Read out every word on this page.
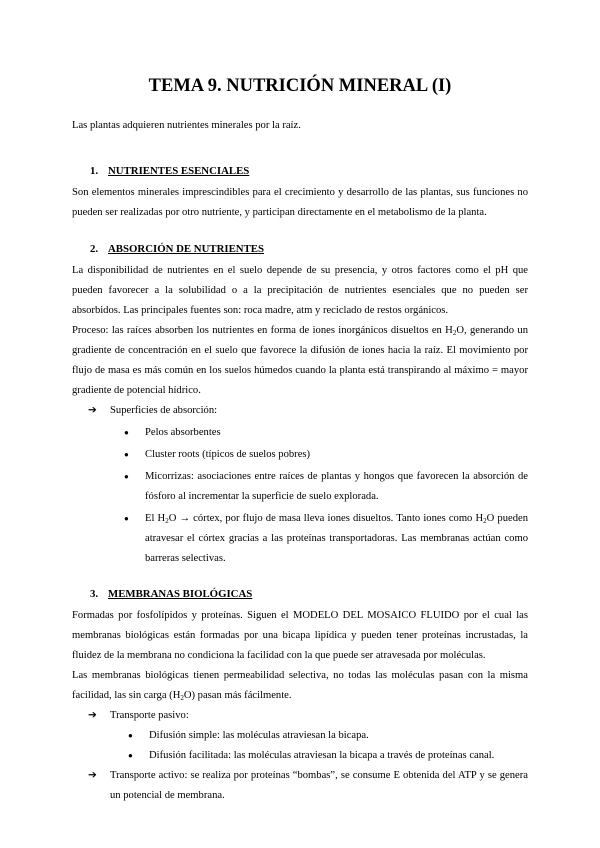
TEMA 9. NUTRICIÓN MINERAL (I)

Las plantas adquieren nutrientes minerales por la raíz.

1. NUTRIENTES ESENCIALES

Son elementos minerales imprescindibles para el crecimiento y desarrollo de las plantas, sus funciones no pueden ser realizadas por otro nutriente, y participan directamente en el metabolismo de la planta.

2. ABSORCIÓN DE NUTRIENTES

La disponibilidad de nutrientes en el suelo depende de su presencia, y otros factores como el pH que pueden favorecer a la solubilidad o a la precipitación de nutrientes esenciales que no pueden ser absorbidos. Las principales fuentes son: roca madre, atm y reciclado de restos orgánicos.

Proceso: las raíces absorben los nutrientes en forma de iones inorgánicos disueltos en $H_2O$, generando un gradiente de concentración en el suelo que favorece la difusión de iones hacia la raíz. El movimiento por flujo de masa es más común en los suelos húmedos cuando la planta está transpirando al máximo = mayor gradiente de potencial hídrico.

➔	Superficies de absorción:
●	Pelos absorbentes
●	Cluster roots (típicos de suelos pobres)
●	Micorrizas: asociaciones entre raíces de plantas y hongos que favorecen la absorción de fósforo al incrementar la superficie de suelo explorada.
●	El $H_2O$ → córtex, por flujo de masa lleva iones disueltos. Tanto iones como $H_2O$ pueden atravesar el córtex gracias a las proteínas transportadoras. Las membranas actúan como barreras selectivas.
3. MEMBRANAS BIOLÓGICAS

Formadas por fosfolípidos y proteínas. Siguen el MODELO DEL MOSAICO FLUIDO por el cual las membranas biológicas están formadas por una bicapa lipídica y pueden tener proteínas incrustadas, la fluidez de la membrana no condiciona la facilidad con la que puede ser atravesada por moléculas.

Las membranas biológicas tienen permeabilidad selectiva, no todas las moléculas pasan con la misma facilidad, las sin carga $(H_2O)$ pasan más fácilmente.

➔	Transporte pasivo:
●	Difusión simple: las moléculas atraviesan la bicapa.
●	Difusión facilitada: las moléculas atraviesan la bicapa a través de proteínas canal.
➔	Transporte activo: se realiza por proteínas “bombas”, se consume E obtenida del ATP y se genera un potencial de membrana.
